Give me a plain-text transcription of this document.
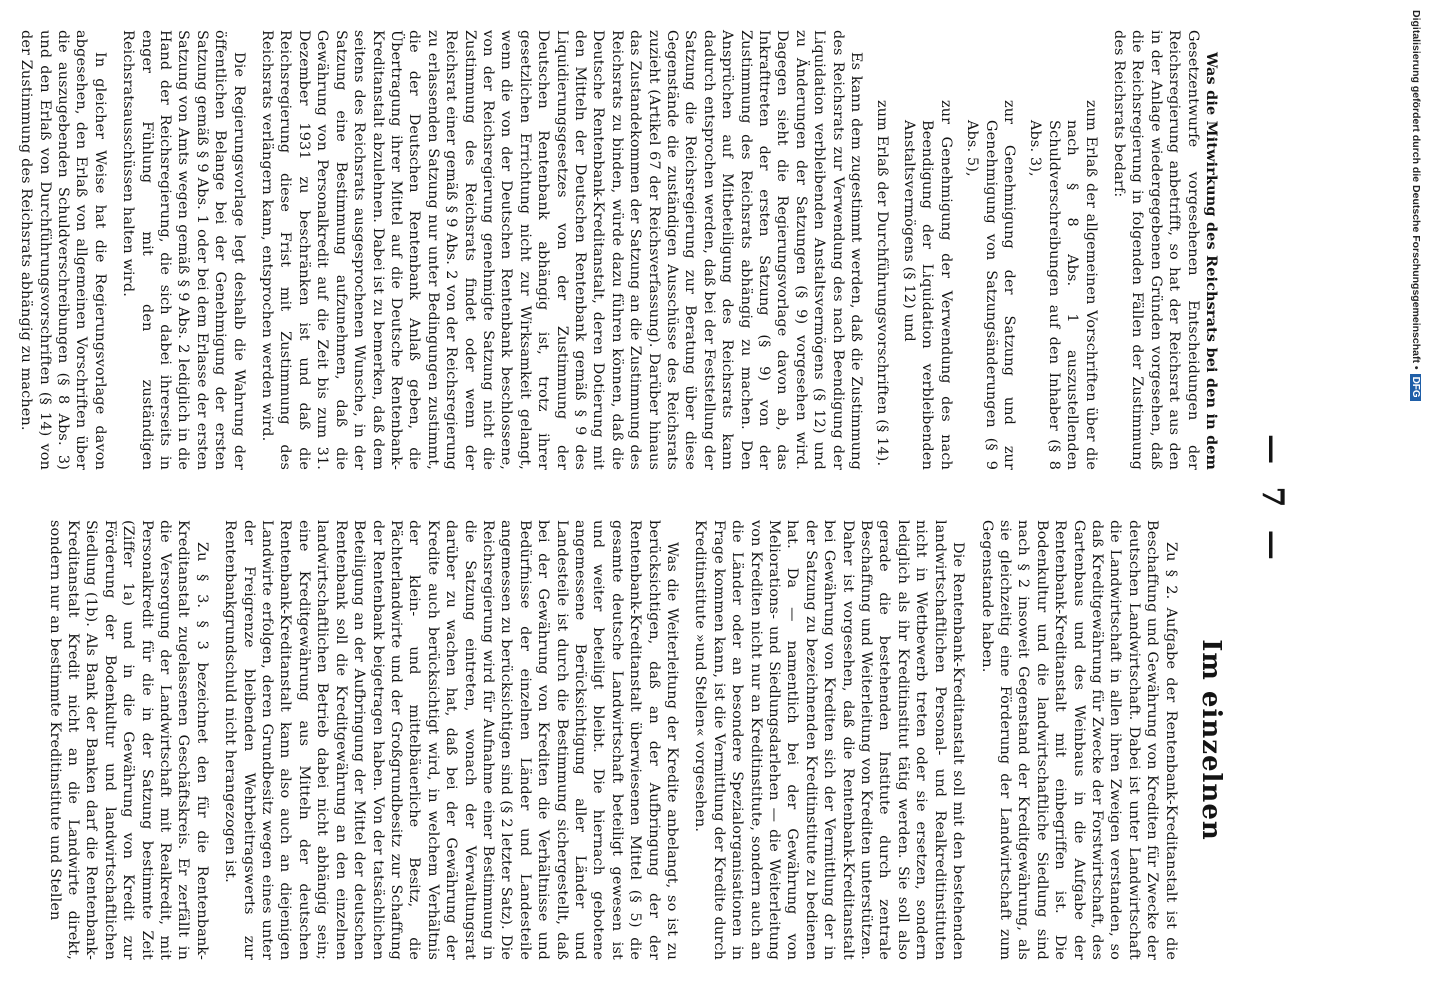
— 7 —

Was die Mitwirkung des Reichsrats bei den in dem Gesetzentwurfe vorgesehenen Entscheidungen der Reichsregierung anbetrifft, so hat der Reichsrat aus den in der Anlage wiedergegebenen Gründen vorgesehen, daß die Reichsregierung in folgenden Fällen der Zustimmung des Reichsrats bedarf:

zum Erlaß der allgemeinen Vorschriften über die nach § 8 Abs. 1 auszustellenden Schuldverschreibungen auf den Inhaber (§ 8 Abs. 3),
zur Genehmigung der Satzung und zur Genehmigung von Satzungsänderungen (§ 9 Abs. 5),
zur Genehmigung der Verwendung des nach Beendigung der Liquidation verbleibenden Anstaltsvermögens (§ 12) und
zum Erlaß der Durchführungsvorschriften (§ 14).

Es kann dem zugestimmt werden, daß die Zustimmung des Reichsrats zur Verwendung des nach Beendigung der Liquidation verbleibenden Anstaltsvermögens (§ 12) und zu Änderungen der Satzungen (§ 9) vorgesehen wird. Dagegen sieht die Regierungsvorlage davon ab, das Inkrafttreten der ersten Satzung (§ 9) von der Zustimmung des Reichsrats abhängig zu machen. Den Ansprüchen auf Mitbeteiligung des Reichsrats kann dadurch entsprochen werden, daß bei der Feststellung der Satzung die Reichsregierung zur Beratung über diese Gegenstände die zuständigen Ausschüsse des Reichsrats zuzieht (Artikel 67 der Reichsverfassung). Darüber hinaus das Zustandekommen der Satzung an die Zustimmung des Reichsrats zu binden, würde dazu führen können, daß die Deutsche Rentenbank-Kreditanstalt, deren Dotierung mit den Mitteln der Deutschen Rentenbank gemäß § 9 des Liquidierungsgesetzes von der Zustimmung der Deutschen Rentenbank abhängig ist, trotz ihrer gesetzlichen Errichtung nicht zur Wirksamkeit gelangt, wenn die von der Deutschen Rentenbank beschlossene, von der Reichsregierung genehmigte Satzung nicht die Zustimmung des Reichsrats findet oder wenn der Reichsrat einer gemäß § 9 Abs. 2 von der Reichsregierung zu erlassenden Satzung nur unter Bedingungen zustimmt, die der Deutschen Rentenbank Anlaß geben, die Übertragung ihrer Mittel auf die Deutsche Rentenbank-Kreditanstalt abzulehnen. Dabei ist zu bemerken, daß dem seitens des Reichsrats ausgesprochenen Wunsche, in der Satzung eine Bestimmung aufzunehmen, daß die Gewährung von Personalkredit auf die Zeit bis zum 31. Dezember 1931 zu beschränken ist und daß die Reichsregierung diese Frist mit Zustimmung des Reichsrats verlängern kann, entsprochen werden wird.

Die Regierungsvorlage legt deshalb die Wahrung der öffentlichen Belange bei der Genehmigung der ersten Satzung gemäß § 9 Abs. 1 oder bei dem Erlasse der ersten Satzung von Amts wegen gemäß § 9 Abs. 2 lediglich in die Hand der Reichsregierung, die sich dabei ihrerseits in enger Fühlung mit den zuständigen Reichsratsausschüssen halten wird.

In gleicher Weise hat die Regierungsvorlage davon abgesehen, den Erlaß von allgemeinen Vorschriften über die auszugebenden Schuldverschreibungen (§ 8 Abs. 3) und den Erlaß von Durchführungsvorschriften (§ 14) von der Zustimmung des Reichsrats abhängig zu machen.

Im einzelnen

Zu § 2. Aufgabe der Rentenbank-Kreditanstalt ist die Beschaffung und Gewährung von Krediten für Zwecke der deutschen Landwirtschaft. Dabei ist unter Landwirtschaft die Landwirtschaft in allen ihren Zweigen verstanden, so daß Kreditgewährung für Zwecke der Forstwirtschaft, des Gartenbaus und des Weinbaus in die Aufgabe der Rentenbank-Kreditanstalt mit einbegriffen ist. Die Bodenkultur und die landwirtschaftliche Siedlung sind nach § 2 insoweit Gegenstand der Kreditgewährung, als sie gleichzeitig eine Förderung der Landwirtschaft zum Gegenstande haben.

Die Rentenbank-Kreditanstalt soll mit den bestehenden landwirtschaftlichen Personal- und Realkreditinstituten nicht in Wettbewerb treten oder sie ersetzen, sondern lediglich als ihr Kreditinstitut tätig werden. Sie soll also gerade die bestehenden Institute durch zentrale Beschaffung und Weiterleitung von Krediten unterstützen. Daher ist vorgesehen, daß die Rentenbank-Kreditanstalt bei Gewährung von Krediten sich der Vermittlung der in der Satzung zu bezeichnenden Kreditinstitute zu bedienen hat. Da — namentlich bei der Gewährung von Meliorations- und Siedlungsdarlehen — die Weiterleitung von Krediten nicht nur an Kreditinstitute, sondern auch an die Länder oder an besondere Spezialorganisationen in Frage kommen kann, ist die Vermittlung der Kredite durch Kreditinstitute »und Stellen« vorgesehen.

Was die Weiterleitung der Kredite anbelangt, so ist zu berücksichtigen, daß an der Aufbringung der der Rentenbank-Kreditanstalt überwiesenen Mittel (§ 5) die gesamte deutsche Landwirtschaft beteiligt gewesen ist und weiter beteiligt bleibt. Die hiernach gebotene angemessene Berücksichtigung aller Länder und Landesteile ist durch die Bestimmung sichergestellt, daß bei der Gewährung von Krediten die Verhältnisse und Bedürfnisse der einzelnen Länder und Landesteile angemessen zu berücksichtigen sind (§ 2 letzter Satz). Die Reichsregierung wird für Aufnahme einer Bestimmung in die Satzung eintreten, wonach der Verwaltungsrat darüber zu wachen hat, daß bei der Gewährung der Kredite auch berücksichtigt wird, in welchem Verhältnis der klein- und mittelbäuerliche Besitz, die Pächterlandwirte und der Großgrundbesitz zur Schaffung der Rentenbank beigetragen haben. Von der tatsächlichen Beteiligung an der Aufbringung der Mittel der deutschen Rentenbank soll die Kreditgewährung an den einzelnen landwirtschaftlichen Betrieb dabei nicht abhängig sein; eine Kreditgewährung aus Mitteln der deutschen Rentenbank-Kreditanstalt kann also auch an diejenigen Landwirte erfolgen, deren Grundbesitz wegen eines unter der Freigrenze bleibenden Wehrbeitragswerts zur Rentenbankgrundschuld nicht herangezogen ist.

Zu § 3. § 3 bezeichnet den für die Rentenbank-Kreditanstalt zugelassenen Geschäftskreis. Er zerfällt in die Versorgung der Landwirtschaft mit Realkredit, mit Personalkredit für die in der Satzung bestimmte Zeit (Ziffer 1a) und in die Gewährung von Kredit zur Förderung der Bodenkultur und landwirtschaftlichen Siedlung (1b). Als Bank der Banken darf die Rentenbank-Kreditanstalt Kredit nicht an die Landwirte direkt, sondern nur an bestimmte Kreditinstitute und Stellen

Digitalisierung gefördert durch die Deutsche Forschungsgemeinschaft •DFG
